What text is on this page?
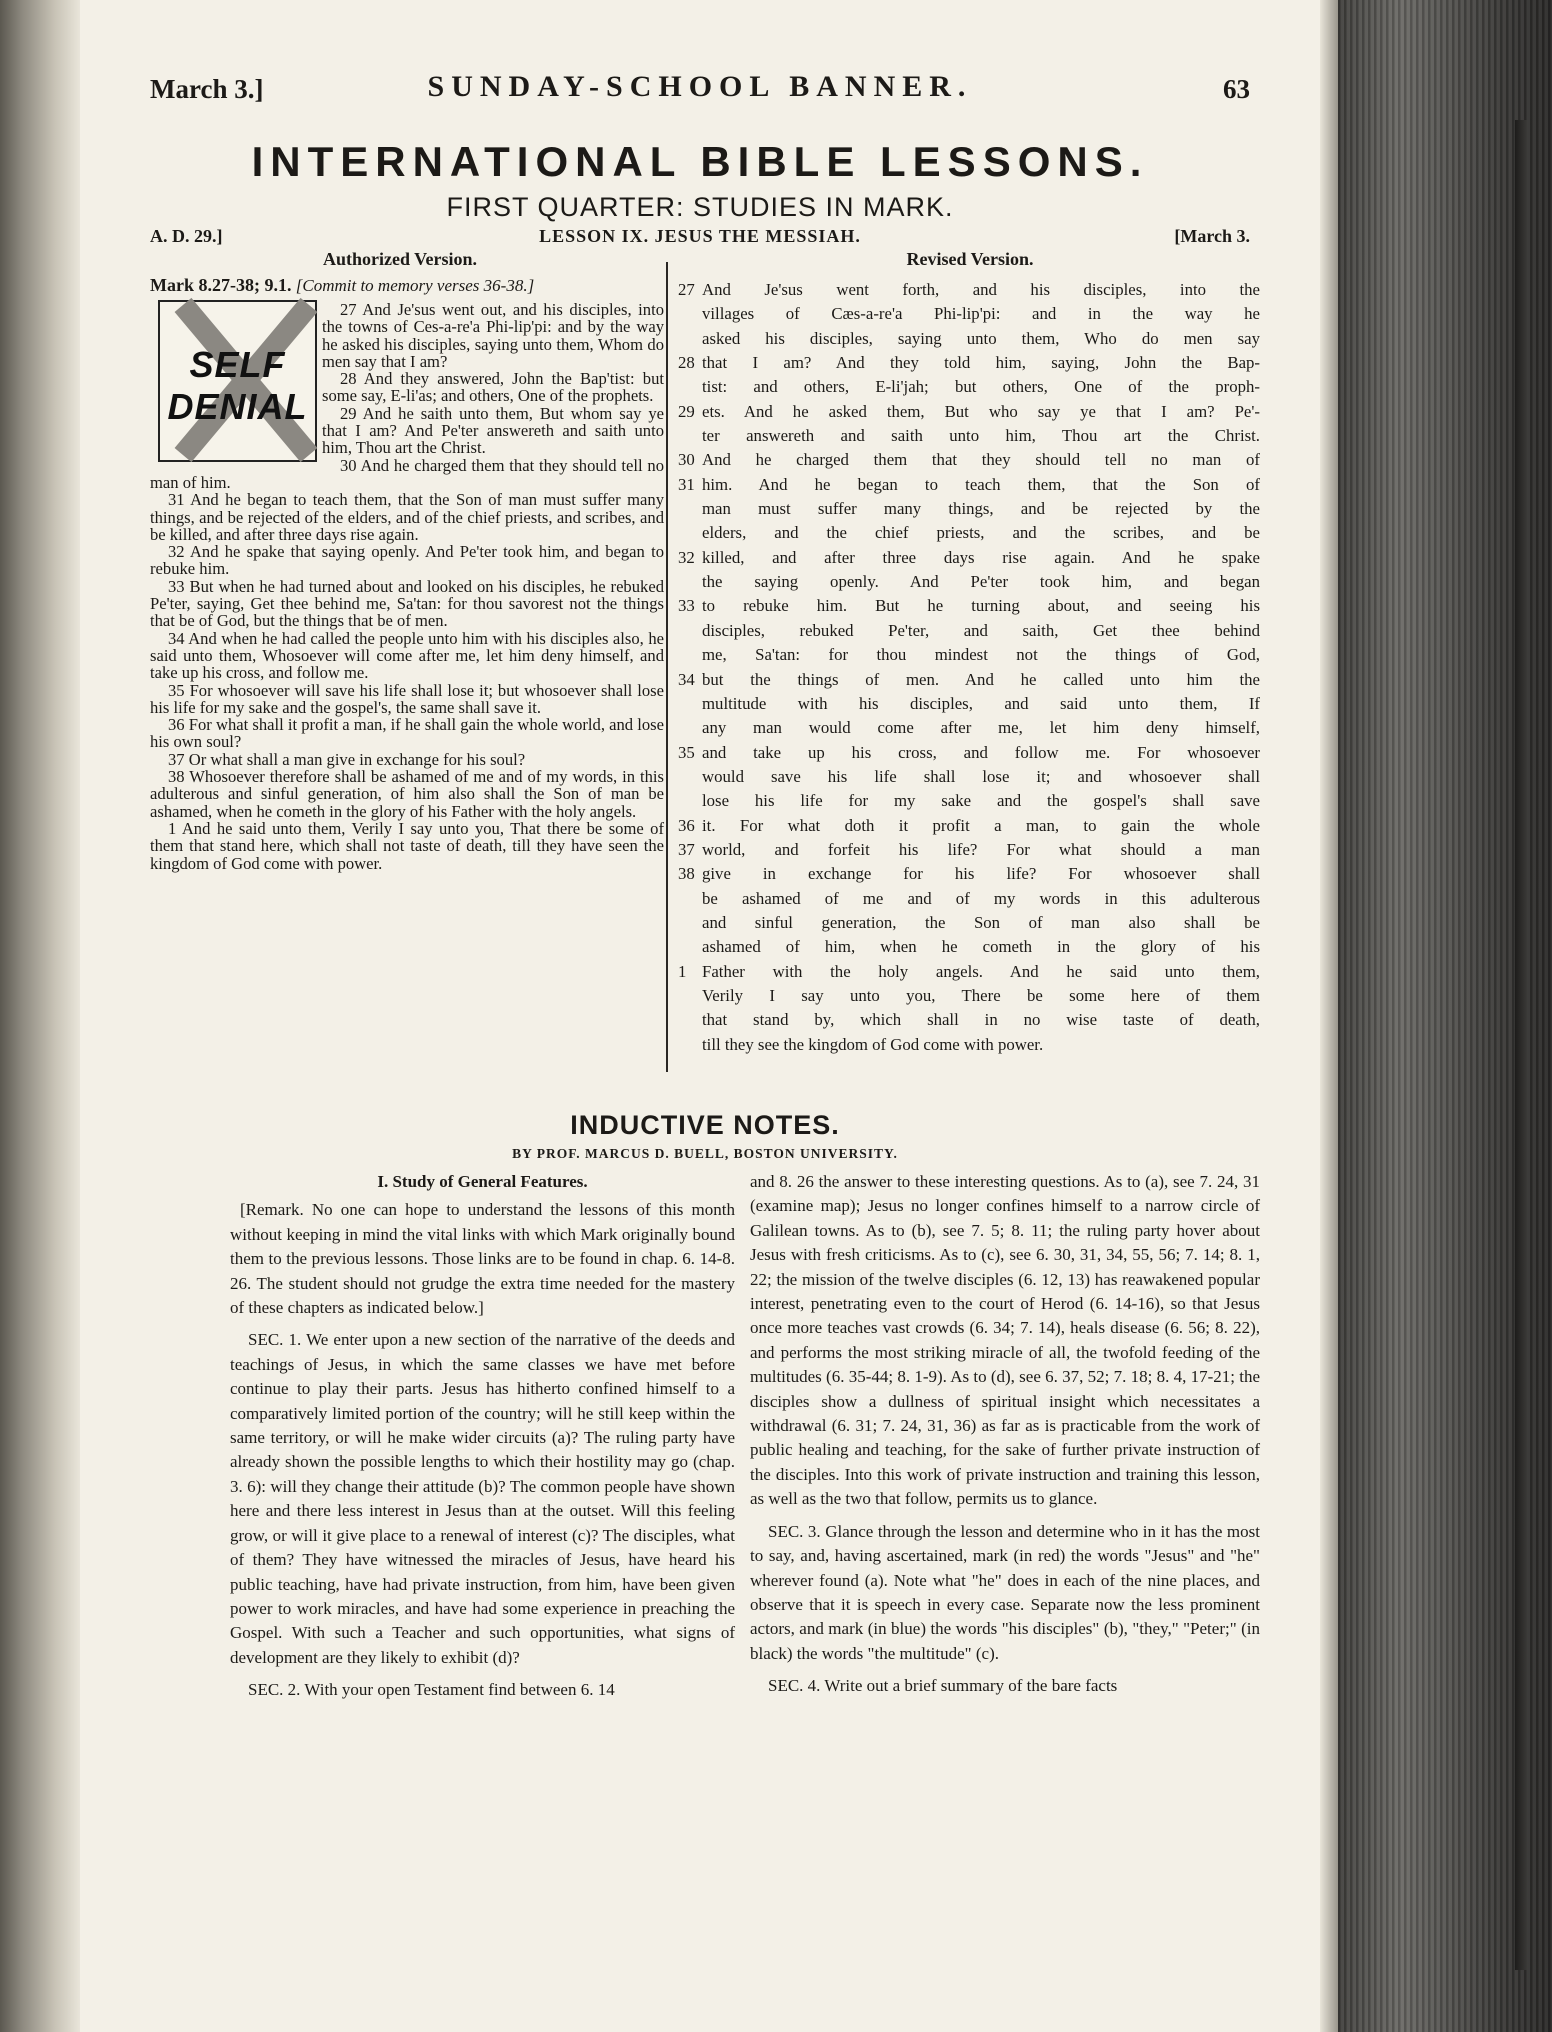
March 3.]	SUNDAY-SCHOOL BANNER.	63
INTERNATIONAL BIBLE LESSONS.
FIRST QUARTER: STUDIES IN MARK.
A. D. 29.]	LESSON IX. JESUS THE MESSIAH.	[March 3.
Authorized Version.	Revised Version.
Mark 8.27-38; 9.1. [Commit to memory verses 36-38.]

27 And Je'sus went out, and his disciples, into the towns of Ces-a-re'a Phi-lip'pi: and by the way he asked his disciples, saying unto them, Whom do men say that I am?

28 And they answered, John the Bap'tist: but some say, E-li'as; and others, One of the prophets.

29 And he saith unto them, But whom say ye that I am? And Pe'ter answereth and saith unto him, Thou art the Christ.

30 And he charged them that they should tell no man of him.

31 And he began to teach them, that the Son of man must suffer many things, and be rejected of the elders, and of the chief priests, and scribes, and be killed, and after three days rise again.

32 And he spake that saying openly. And Pe'ter took him, and began to rebuke him.

33 But when he had turned about and looked on his disciples, he rebuked Pe'ter, saying, Get thee behind me, Sa'tan: for thou savorest not the things that be of God, but the things that be of men.

34 And when he had called the people unto him with his disciples also, he said unto them, Whosoever will come after me, let him deny himself, and take up his cross, and follow me.

35 For whosoever will save his life shall lose it; but whosoever shall lose his life for my sake and the gospel's, the same shall save it.

36 For what shall it profit a man, if he shall gain the whole world, and lose his own soul?

37 Or what shall a man give in exchange for his soul?

38 Whosoever therefore shall be ashamed of me and of my words, in this adulterous and sinful generation, of him also shall the Son of man be ashamed, when he cometh in the glory of his Father with the holy angels.

1 And he said unto them, Verily I say unto you, That there be some of them that stand here, which shall not taste of death, till they have seen the kingdom of God come with power.

SELF
DENIAL
27 And Je'sus went forth, and his disciples, into the
villages of Cæs-a-re'a Phi-lip'pi: and in the way he
asked his disciples, saying unto them, Who do men say
28 that I am? And they told him, saying, John the Bap-
tist: and others, E-li'jah; but others, One of the proph-
29 ets. And he asked them, But who say ye that I am? Pe'-
ter answereth and saith unto him, Thou art the Christ.
30 And he charged them that they should tell no man of
31 him. And he began to teach them, that the Son of
man must suffer many things, and be rejected by the
elders, and the chief priests, and the scribes, and be
32 killed, and after three days rise again. And he spake
the saying openly. And Pe'ter took him, and began
33 to rebuke him. But he turning about, and seeing his
disciples, rebuked Pe'ter, and saith, Get thee behind
me, Sa'tan: for thou mindest not the things of God,
34 but the things of men. And he called unto him the
multitude with his disciples, and said unto them, If
any man would come after me, let him deny himself,
35 and take up his cross, and follow me. For whosoever
would save his life shall lose it; and whosoever shall
lose his life for my sake and the gospel's shall save
36 it. For what doth it profit a man, to gain the whole
37 world, and forfeit his life? For what should a man
38 give in exchange for his life? For whosoever shall
be ashamed of me and of my words in this adulterous
and sinful generation, the Son of man also shall be
ashamed of him, when he cometh in the glory of his
1 Father with the holy angels. And he said unto them,
Verily I say unto you, There be some here of them
that stand by, which shall in no wise taste of death,
till they see the kingdom of God come with power.
INDUCTIVE NOTES.
BY PROF. MARCUS D. BUELL, BOSTON UNIVERSITY.
I. Study of General Features.

[Remark. No one can hope to understand the lessons of this month without keeping in mind the vital links with which Mark originally bound them to the previous lessons. Those links are to be found in chap. 6. 14-8. 26. The student should not grudge the extra time needed for the mastery of these chapters as indicated below.]

SEC. 1. We enter upon a new section of the narrative of the deeds and teachings of Jesus, in which the same classes we have met before continue to play their parts. Jesus has hitherto confined himself to a comparatively limited portion of the country; will he still keep within the same territory, or will he make wider circuits (a)? The ruling party have already shown the possible lengths to which their hostility may go (chap. 3. 6): will they change their attitude (b)? The common people have shown here and there less interest in Jesus than at the outset. Will this feeling grow, or will it give place to a renewal of interest (c)? The disciples, what of them? They have witnessed the miracles of Jesus, have heard his public teaching, have had private instruction, from him, have been given power to work miracles, and have had some experience in preaching the Gospel. With such a Teacher and such opportunities, what signs of development are they likely to exhibit (d)?

SEC. 2. With your open Testament find between 6. 14

and 8. 26 the answer to these interesting questions. As to (a), see 7. 24, 31 (examine map); Jesus no longer confines himself to a narrow circle of Galilean towns. As to (b), see 7. 5; 8. 11; the ruling party hover about Jesus with fresh criticisms. As to (c), see 6. 30, 31, 34, 55, 56; 7. 14; 8. 1, 22; the mission of the twelve disciples (6. 12, 13) has reawakened popular interest, penetrating even to the court of Herod (6. 14-16), so that Jesus once more teaches vast crowds (6. 34; 7. 14), heals disease (6. 56; 8. 22), and performs the most striking miracle of all, the twofold feeding of the multitudes (6. 35-44; 8. 1-9). As to (d), see 6. 37, 52; 7. 18; 8. 4, 17-21; the disciples show a dullness of spiritual insight which necessitates a withdrawal (6. 31; 7. 24, 31, 36) as far as is practicable from the work of public healing and teaching, for the sake of further private instruction of the disciples. Into this work of private instruction and training this lesson, as well as the two that follow, permits us to glance.

SEC. 3. Glance through the lesson and determine who in it has the most to say, and, having ascertained, mark (in red) the words "Jesus" and "he" wherever found (a). Note what "he" does in each of the nine places, and observe that it is speech in every case. Separate now the less prominent actors, and mark (in blue) the words "his disciples" (b), "they," "Peter;" (in black) the words "the multitude" (c).

SEC. 4. Write out a brief summary of the bare facts
